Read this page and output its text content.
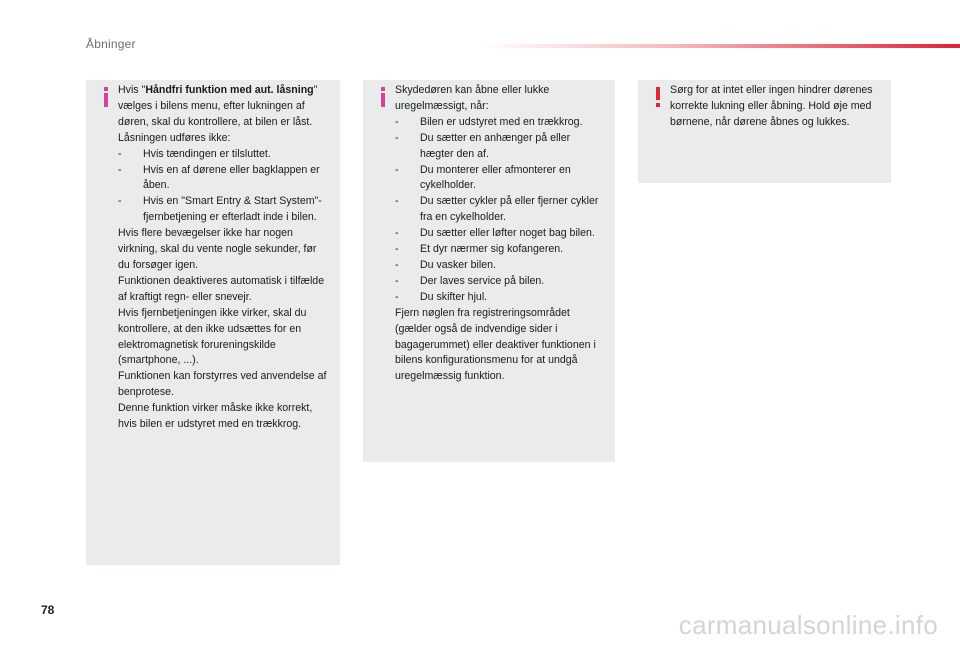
Åbninger

Hvis "Håndfri funktion med aut. låsning" vælges i bilens menu, efter lukningen af døren, skal du kontrollere, at bilen er låst.

Låsningen udføres ikke:

- Hvis tændingen er tilsluttet.
- Hvis en af dørene eller bagklappen er åben.
- Hvis en "Smart Entry & Start System"-fjernbetjening er efterladt inde i bilen.

Hvis flere bevægelser ikke har nogen virkning, skal du vente nogle sekunder, før du forsøger igen.

Funktionen deaktiveres automatisk i tilfælde af kraftigt regn- eller snevejr.

Hvis fjernbetjeningen ikke virker, skal du kontrollere, at den ikke udsættes for en elektromagnetisk forureningskilde (smartphone, ...).

Funktionen kan forstyrres ved anvendelse af benprotese.

Denne funktion virker måske ikke korrekt, hvis bilen er udstyret med en trækkrog.

Skydedøren kan åbne eller lukke uregelmæssigt, når:

- Bilen er udstyret med en trækkrog.
- Du sætter en anhænger på eller hægter den af.
- Du monterer eller afmonterer en cykelholder.
- Du sætter cykler på eller fjerner cykler fra en cykelholder.
- Du sætter eller løfter noget bag bilen.
- Et dyr nærmer sig kofangeren.
- Du vasker bilen.
- Der laves service på bilen.
- Du skifter hjul.

Fjern nøglen fra registreringsområdet (gælder også de indvendige sider i bagagerummet) eller deaktiver funktionen i bilens konfigurationsmenu for at undgå uregelmæssig funktion.

Sørg for at intet eller ingen hindrer dørenes korrekte lukning eller åbning. Hold øje med børnene, når dørene åbnes og lukkes.

78	carmanualsonline.info
